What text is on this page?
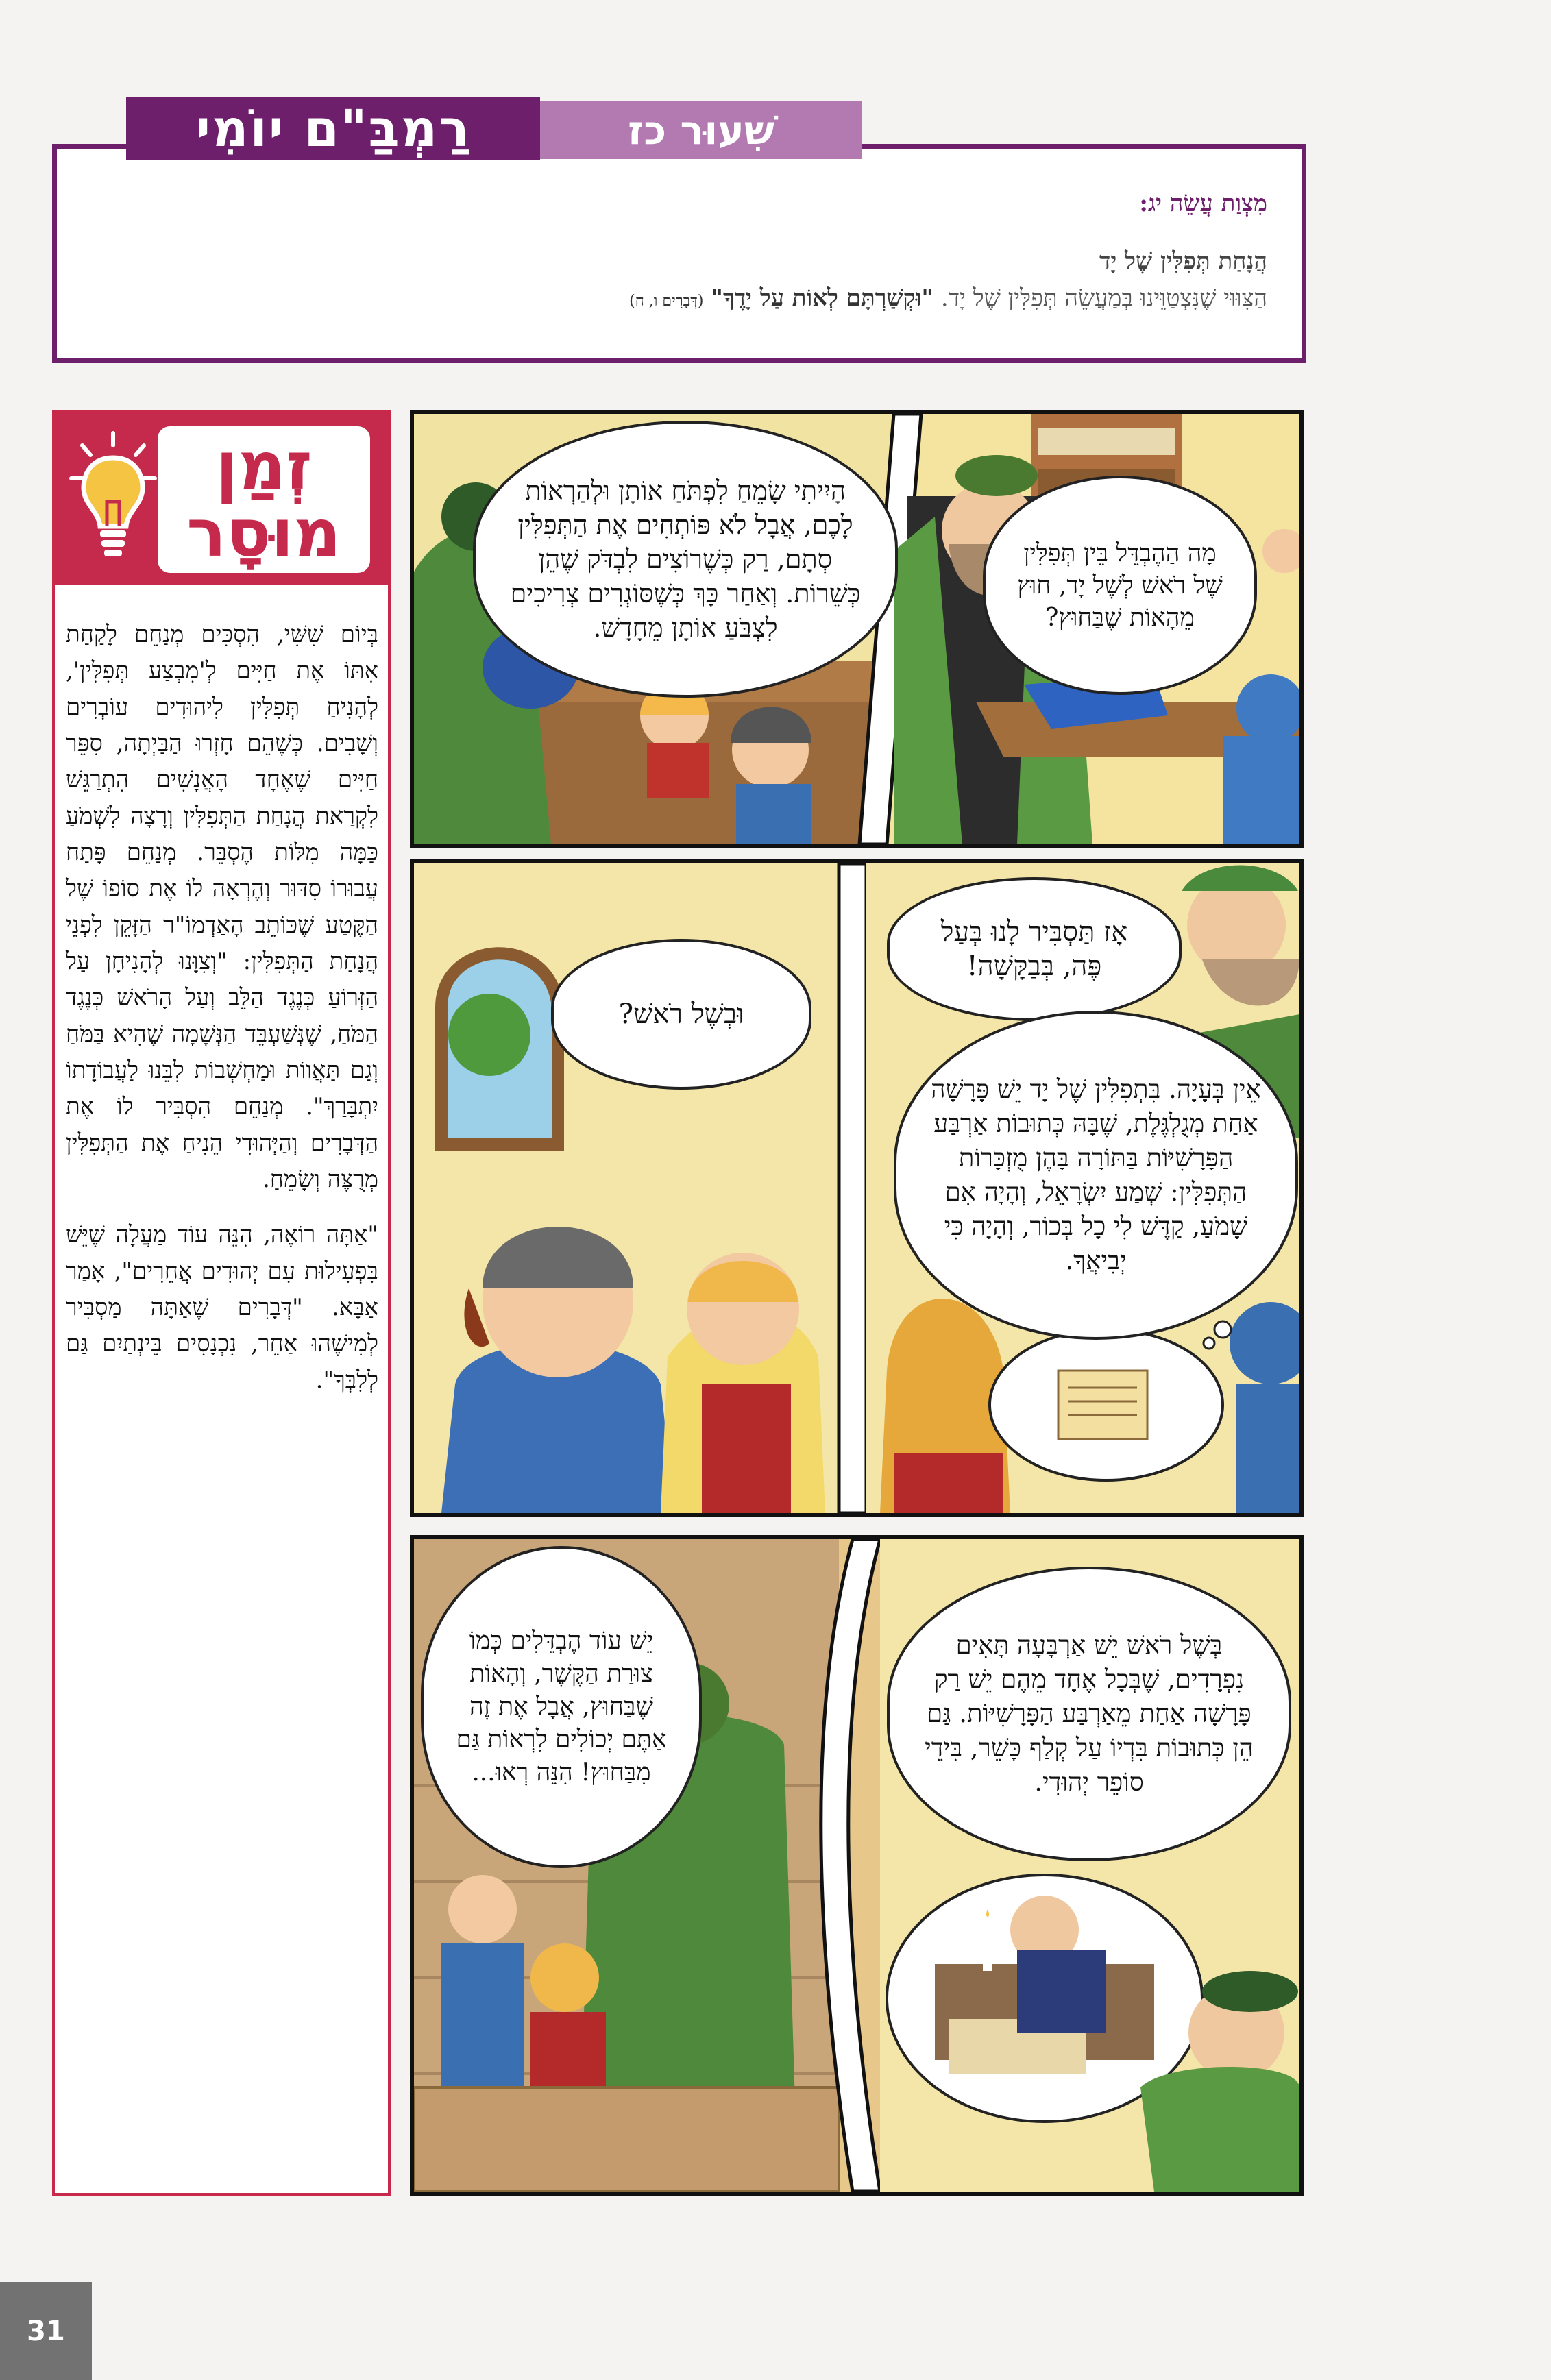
מִצְוַת עֲשֵׂה יג:
הֲנָחַת תְּפִלִּין שֶׁל יָד
הַצִּוּוּי שֶׁנִּצְטַוֵּינוּ בְּמַעֲשֵׂה תְּפִלִּין שֶׁל יָד. "וּקְשַׁרְתָּם לְאוֹת עַל יָדֶךָ" (דְּבָרִים ו, ח)
רַמְבַּ"ם יוֹמִי	שִׁעוּר כז
זְמַן
מוּסָר

בְּיוֹם שִׁשִּׁי, הִסְכִּים מְנַחֵם לָקַחַת אִתּוֹ אֶת חַיִּים לְ'מִבְצַע תְּפִלִּין', לְהָנִיחַ תְּפִלִּין לִיהוּדִים עוֹבְרִים וְשָׁבִים. כְּשֶׁהֵם חָזְרוּ הַבַּיְתָה, סִפֵּר חַיִּים שֶׁאֶחָד הָאֲנָשִׁים הִתְרַגֵּשׁ לִקְרַאת הֲנָחַת הַתְּפִלִּין וְרָצָה לִשְׁמֹעַ כַּמָּה מִלּוֹת הֶסְבֵּר. מְנַחֵם פָּתַח עֲבוּרוֹ סִדּוּר וְהֶרְאָה לוֹ אֶת סוֹפוֹ שֶׁל הַקֶּטַע שֶׁכּוֹתֵב הָאַדְמוֹ"ר הַזָּקֵן לִפְנֵי הֲנָחַת הַתְּפִלִּין: "וְצִוָּנוּ לְהָנִיחָן עַל הַזְּרוֹעַ כְּנֶגֶד הַלֵּב וְעַל הָרֹאשׁ כְּנֶגֶד הַמֹּחַ, שֶׁנְּשַׁעְבֵּד הַנְּשָׁמָה שֶׁהִיא בַּמֹּחַ וְגַם תַּאֲווֹת וּמַחְשְׁבוֹת לִבֵּנוּ לַעֲבוֹדָתוֹ יִתְבָּרַךְ". מְנַחֵם הִסְבִּיר לוֹ אֶת הַדְּבָרִים וְהַיְּהוּדִי הֵנִיחַ אֶת הַתְּפִלִּין מְרֻצֶּה וְשָׂמֵחַ.

"אַתָּה רוֹאֶה, הִנֵּה עוֹד מַעֲלָה שֶׁיֵּשׁ בִּפְעִילוּת עִם יְהוּדִים אֲחֵרִים", אָמַר אַבָּא. "דְּבָרִים שֶׁאַתָּה מַסְבִּיר לְמִישֶׁהוּ אַחֵר, נִכְנָסִים בֵּינְתַיִם גַּם לְלִבְּךָ".

הָיִיתִי שָׂמֵחַ לִפְתֹּחַ אוֹתָן וּלְהַרְאוֹת לָכֶם, אֲבָל לֹא פּוֹתְחִים אֶת הַתְּפִלִּין סְתָם, רַק כְּשֶׁרוֹצִים לִבְדֹּק שֶׁהֵן כְּשֵׁרוֹת. וְאַחַר כָּךְ כְּשֶׁסּוֹגְרִים צְרִיכִים לִצְבֹּעַ אוֹתָן מֵחָדָשׁ.
מָה הַהֶבְדֵּל בֵּין תְּפִלִּין שֶׁל רֹאשׁ לְשֶׁל יָד, חוּץ מֵהָאוֹת שֶׁבַּחוּץ?
וּבְשֶׁל רֹאשׁ?
אָז תַּסְבִּיר לָנוּ בְּעַל פֶּה, בְּבַקָּשָׁה!
אֵין בְּעָיָה. בִּתְפִלִּין שֶׁל יָד יֵשׁ פָּרָשָׁה אַחַת מְגֻלְגֶּלֶת, שֶׁבָּהּ כְּתוּבוֹת אַרְבַּע הַפָּרָשִׁיּוֹת בַּתּוֹרָה בָּהֶן מֻזְכָּרוֹת הַתְּפִלִּין: שְׁמַע יִשְׂרָאֵל, וְהָיָה אִם שָׁמֹעַ, קַדֶּשׁ לִי כָל בְּכוֹר, וְהָיָה כִּי יְבִיאֲךָ.
יֵשׁ עוֹד הֶבְדֵּלִים כְּמוֹ צוּרַת הַקֶּשֶׁר, וְהָאוֹת שֶׁבַּחוּץ, אֲבָל אֶת זֶה אַתֶּם יְכוֹלִים לִרְאוֹת גַּם מִבַּחוּץ! הִנֵּה רְאוּ...
בְּשֶׁל רֹאשׁ יֵשׁ אַרְבָּעָה תָּאִים נִפְרָדִים, שֶׁבְּכָל אֶחָד מֵהֶם יֵשׁ רַק פָּרָשָׁה אַחַת מֵאַרְבַּע הַפָּרָשִׁיּוֹת. גַּם הֵן כְּתוּבוֹת בִּדְיוֹ עַל קְלַף כָּשֵׁר, בִּידֵי סוֹפֵר יְהוּדִי.
31
